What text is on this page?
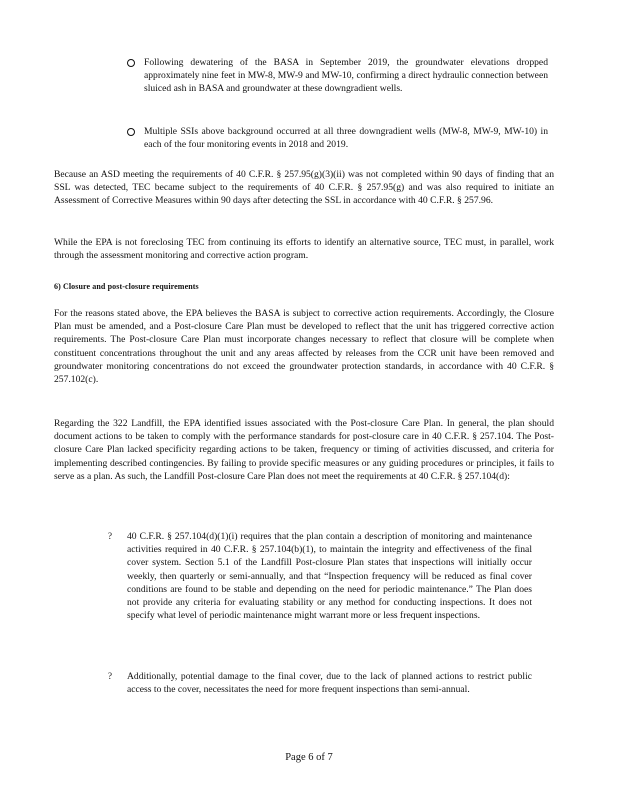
Following dewatering of the BASA in September 2019, the groundwater elevations dropped approximately nine feet in MW-8, MW-9 and MW-10, confirming a direct hydraulic connection between sluiced ash in BASA and groundwater at these downgradient wells.
Multiple SSIs above background occurred at all three downgradient wells (MW-8, MW-9, MW-10) in each of the four monitoring events in 2018 and 2019.
Because an ASD meeting the requirements of 40 C.F.R. § 257.95(g)(3)(ii) was not completed within 90 days of finding that an SSL was detected, TEC became subject to the requirements of 40 C.F.R. § 257.95(g) and was also required to initiate an Assessment of Corrective Measures within 90 days after detecting the SSL in accordance with 40 C.F.R. § 257.96.
While the EPA is not foreclosing TEC from continuing its efforts to identify an alternative source, TEC must, in parallel, work through the assessment monitoring and corrective action program.
6) Closure and post-closure requirements
For the reasons stated above, the EPA believes the BASA is subject to corrective action requirements. Accordingly, the Closure Plan must be amended, and a Post-closure Care Plan must be developed to reflect that the unit has triggered corrective action requirements. The Post-closure Care Plan must incorporate changes necessary to reflect that closure will be complete when constituent concentrations throughout the unit and any areas affected by releases from the CCR unit have been removed and groundwater monitoring concentrations do not exceed the groundwater protection standards, in accordance with 40 C.F.R. § 257.102(c).
Regarding the 322 Landfill, the EPA identified issues associated with the Post-closure Care Plan. In general, the plan should document actions to be taken to comply with the performance standards for post-closure care in 40 C.F.R. § 257.104. The Post-closure Care Plan lacked specificity regarding actions to be taken, frequency or timing of activities discussed, and criteria for implementing described contingencies. By failing to provide specific measures or any guiding procedures or principles, it fails to serve as a plan. As such, the Landfill Post-closure Care Plan does not meet the requirements at 40 C.F.R. § 257.104(d):
? 40 C.F.R. § 257.104(d)(1)(i) requires that the plan contain a description of monitoring and maintenance activities required in 40 C.F.R. § 257.104(b)(1), to maintain the integrity and effectiveness of the final cover system. Section 5.1 of the Landfill Post-closure Plan states that inspections will initially occur weekly, then quarterly or semi-annually, and that “Inspection frequency will be reduced as final cover conditions are found to be stable and depending on the need for periodic maintenance.” The Plan does not provide any criteria for evaluating stability or any method for conducting inspections. It does not specify what level of periodic maintenance might warrant more or less frequent inspections.
? Additionally, potential damage to the final cover, due to the lack of planned actions to restrict public access to the cover, necessitates the need for more frequent inspections than semi-annual.
Page 6 of 7
